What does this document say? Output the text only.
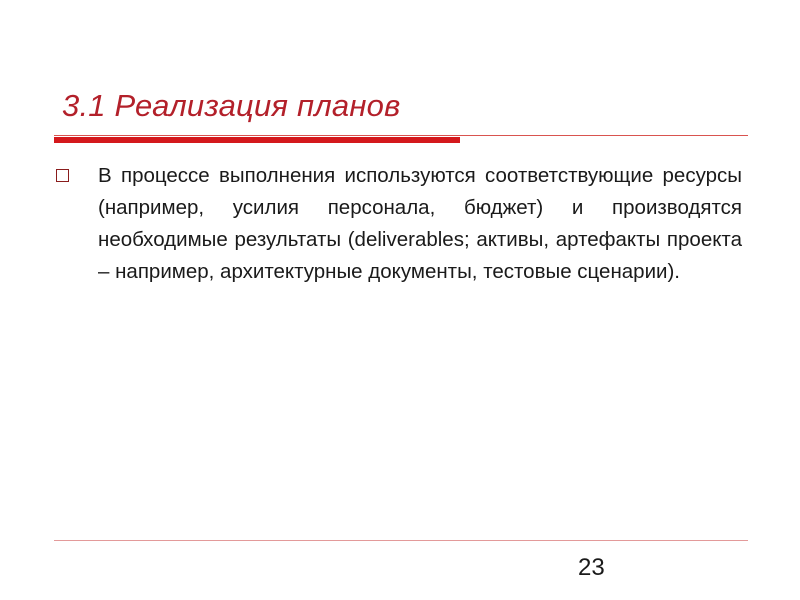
3.1 Реализация планов

В процессе выполнения используются соответствующие ресурсы (например, усилия персонала, бюджет) и производятся необходимые результаты (deliverables; активы, артефакты проекта – например, архитектурные документы, тестовые сценарии).

23
